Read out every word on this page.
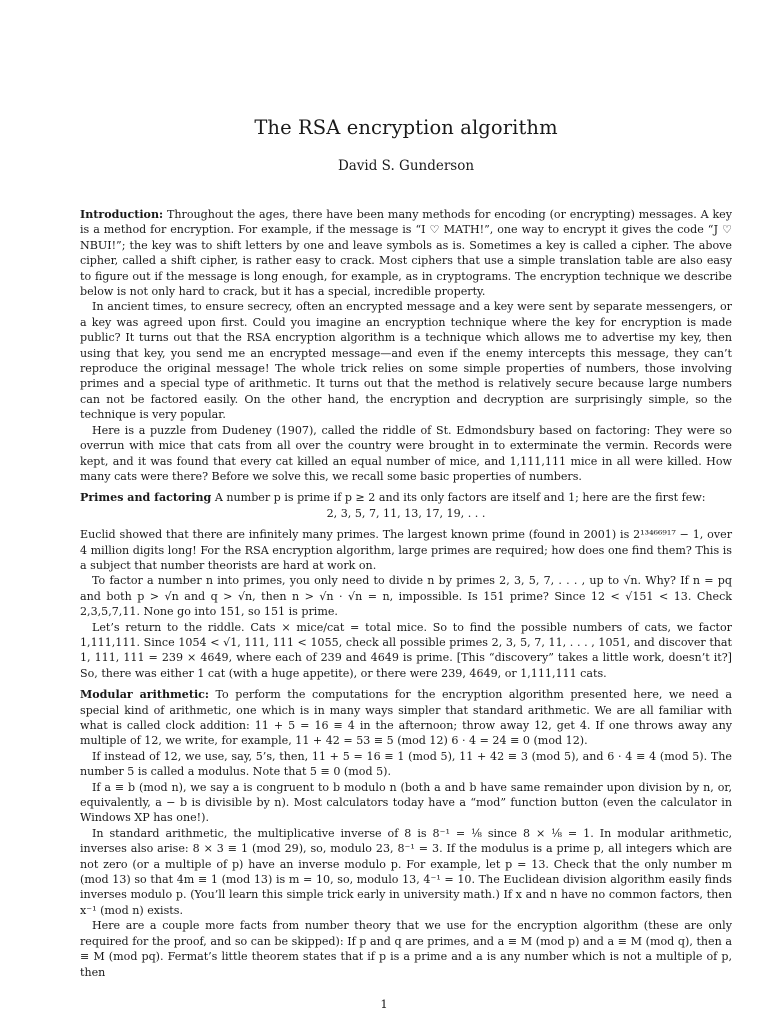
The RSA encryption algorithm
David S. Gunderson

Introduction: Throughout the ages, there have been many methods for encoding (or encrypting) messages. A key is a method for encryption. For example, if the message is “I ♡ MATH!”, one way to encrypt it gives the code “J ♡ NBUI!”; the key was to shift letters by one and leave symbols as is. Sometimes a key is called a cipher. The above cipher, called a shift cipher, is rather easy to crack. Most ciphers that use a simple translation table are also easy to figure out if the message is long enough, for example, as in cryptograms. The encryption technique we describe below is not only hard to crack, but it has a special, incredible property.

In ancient times, to ensure secrecy, often an encrypted message and a key were sent by separate messengers, or a key was agreed upon first. Could you imagine an encryption technique where the key for encryption is made public? It turns out that the RSA encryption algorithm is a technique which allows me to advertise my key, then using that key, you send me an encrypted message—and even if the enemy intercepts this message, they can’t reproduce the original message! The whole trick relies on some simple properties of numbers, those involving primes and a special type of arithmetic. It turns out that the method is relatively secure because large numbers can not be factored easily. On the other hand, the encryption and decryption are surprisingly simple, so the technique is very popular.

Here is a puzzle from Dudeney (1907), called the riddle of St. Edmondsbury based on factoring: They were so overrun with mice that cats from all over the country were brought in to exterminate the vermin. Records were kept, and it was found that every cat killed an equal number of mice, and 1,111,111 mice in all were killed. How many cats were there? Before we solve this, we recall some basic properties of numbers.

Primes and factoring A number p is prime if p ≥ 2 and its only factors are itself and 1; here are the first few:

2, 3, 5, 7, 11, 13, 17, 19, . . .

Euclid showed that there are infinitely many primes. The largest known prime (found in 2001) is 2¹³⁴⁶⁶⁹¹⁷ − 1, over 4 million digits long! For the RSA encryption algorithm, large primes are required; how does one find them? This is a subject that number theorists are hard at work on.

To factor a number n into primes, you only need to divide n by primes 2, 3, 5, 7, . . . , up to √n. Why? If n = pq and both p > √n and q > √n, then n > √n · √n = n, impossible. Is 151 prime? Since 12 < √151 < 13. Check 2,3,5,7,11. None go into 151, so 151 is prime.

Let’s return to the riddle. Cats × mice/cat = total mice. So to find the possible numbers of cats, we factor 1,111,111. Since 1054 < √1, 111, 111 < 1055, check all possible primes 2, 3, 5, 7, 11, . . . , 1051, and discover that 1, 111, 111 = 239 × 4649, where each of 239 and 4649 is prime. [This “discovery” takes a little work, doesn’t it?] So, there was either 1 cat (with a huge appetite), or there were 239, 4649, or 1,111,111 cats.

Modular arithmetic: To perform the computations for the encryption algorithm presented here, we need a special kind of arithmetic, one which is in many ways simpler that standard arithmetic. We are all familiar with what is called clock addition: 11 + 5 = 16 ≡ 4 in the afternoon; throw away 12, get 4. If one throws away any multiple of 12, we write, for example, 11 + 42 = 53 ≡ 5 (mod 12) 6 · 4 = 24 ≡ 0 (mod 12).

If instead of 12, we use, say, 5’s, then, 11 + 5 = 16 ≡ 1 (mod 5), 11 + 42 ≡ 3 (mod 5), and 6 · 4 ≡ 4 (mod 5). The number 5 is called a modulus. Note that 5 ≡ 0 (mod 5).

If a ≡ b (mod n), we say a is congruent to b modulo n (both a and b have same remainder upon division by n, or, equivalently, a − b is divisible by n). Most calculators today have a “mod” function button (even the calculator in Windows XP has one!).

In standard arithmetic, the multiplicative inverse of 8 is 8⁻¹ = ⅛ since 8 × ⅛ = 1. In modular arithmetic, inverses also arise: 8 × 3 ≡ 1 (mod 29), so, modulo 23, 8⁻¹ = 3. If the modulus is a prime p, all integers which are not zero (or a multiple of p) have an inverse modulo p. For example, let p = 13. Check that the only number m (mod 13) so that 4m ≡ 1 (mod 13) is m = 10, so, modulo 13, 4⁻¹ = 10. The Euclidean division algorithm easily finds inverses modulo p. (You’ll learn this simple trick early in university math.) If x and n have no common factors, then x⁻¹ (mod n) exists.

Here are a couple more facts from number theory that we use for the encryption algorithm (these are only required for the proof, and so can be skipped): If p and q are primes, and a ≡ M (mod p) and a ≡ M (mod q), then a ≡ M (mod pq). Fermat’s little theorem states that if p is a prime and a is any number which is not a multiple of p, then

1
